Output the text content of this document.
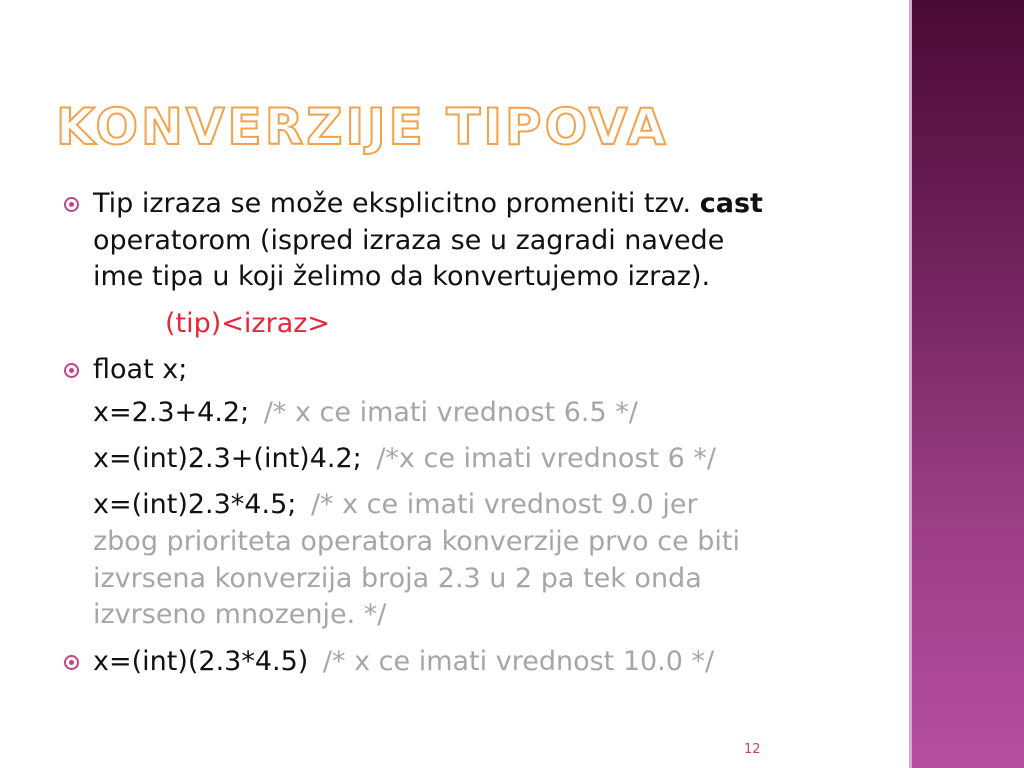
KONVERZIJE TIPOVA
Tip izraza se može eksplicitno promeniti tzv. cast
operatorom (ispred izraza se u zagradi navede
ime tipa u koji želimo da konvertujemo izraz).
(tip)<izraz>
float x;
x=2.3+4.2; /* x ce imati vrednost 6.5 */
x=(int)2.3+(int)4.2; /*x ce imati vrednost 6 */
x=(int)2.3*4.5; /* x ce imati vrednost 9.0 jer
zbog prioriteta operatora konverzije prvo ce biti
izvrsena konverzija broja 2.3 u 2 pa tek onda
izvrseno mnozenje. */
x=(int)(2.3*4.5) /* x ce imati vrednost 10.0 */
12
